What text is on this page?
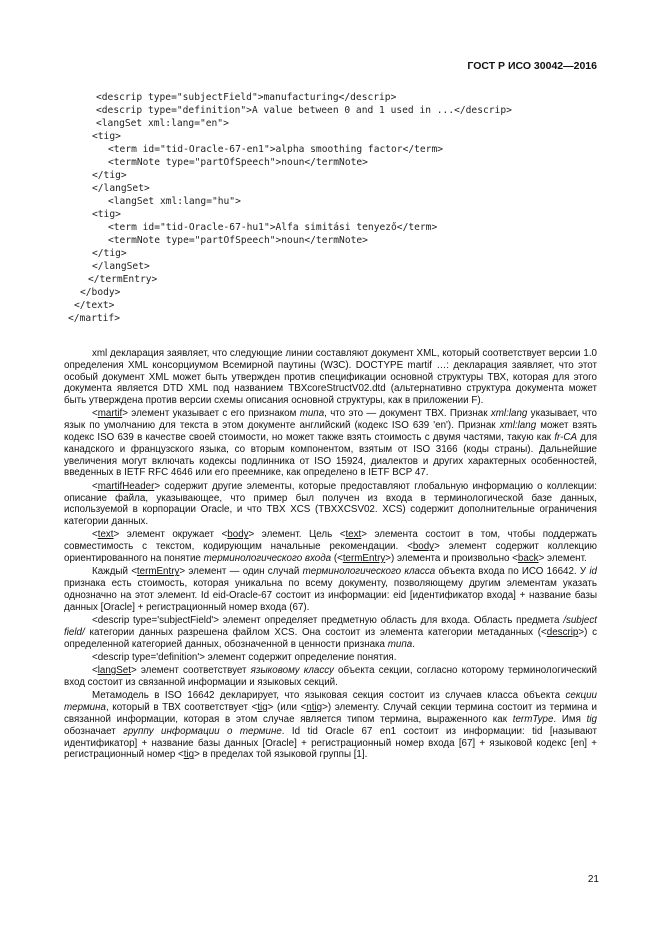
ГОСТ Р ИСО 30042—2016
<descrip type="subjectField">manufacturing</descrip>
<descrip type="definition">A value between 0 and 1 used in ...</descrip>
<langSet xml:lang="en">
<tig>
<term id="tid-Oracle-67-en1">alpha smoothing factor</term>
<termNote type="partOfSpeech">noun</termNote>
</tig>
</langSet>
<langSet xml:lang="hu">
<tig>
<term id="tid-Oracle-67-hu1">Alfa simitási tenyező</term>
<termNote type="partOfSpeech">noun</termNote>
</tig>
</langSet>
</termEntry>
</body>
</text>
</martif>

xml декларация заявляет, что следующие линии составляют документ XML, который соответствует версии 1.0 определения XML консорциумом Всемирной паутины (W3C). DOCTYPE martif …: декларация заявляет, что этот особый документ XML может быть утвержден против спецификации основной структуры ТВХ, которая для этого документа является DTD XML под названием TBXcoreStructV02.dtd (альтернативно структура документа может быть утверждена против версии схемы описания основной структуры, как в приложении F).

<martif> элемент указывает с его признаком типа, что это — документ ТВХ. Признак xml:lang указывает, что язык по умолчанию для текста в этом документе английский (кодекс ISO 639 'en'). Признак xml:lang может взять кодекс ISO 639 в качестве своей стоимости, но может также взять стоимость с двумя частями, такую как fr-CA для канадского и французского языка, со вторым компонентом, взятым от ISO 3166 (коды страны). Дальнейшие увеличения могут включать кодексы подлинника от ISO 15924, диалектов и других характерных особенностей, введенных в IETF RFC 4646 или его преемнике, как определено в IETF BCP 47.

<martifHeader> содержит другие элементы, которые предоставляют глобальную информацию о коллекции: описание файла, указывающее, что пример был получен из входа в терминологической базе данных, используемой в корпорации Oracle, и что TBX XCS (TBXXCSV02. XCS) содержит дополнительные ограничения категории данных.

<text> элемент окружает <body> элемент. Цель <text> элемента состоит в том, чтобы поддержать совместимость с текстом, кодирующим начальные рекомендации. <body> элемент содержит коллекцию ориентированного на понятие терминологического входа (<termEntry>) элемента и произвольно <back> элемент.

Каждый <termEntry> элемент — один случай терминологического класса объекта входа по ИСО 16642. У id признака есть стоимость, которая уникальна по всему документу, позволяющему другим элементам указать однозначно на этот элемент. Id eid-Oracle-67 состоит из информации: eid [идентификатор входа] + название базы данных [Oracle] + регистрационный номер входа (67).

<descrip type='subjectField'> элемент определяет предметную область для входа. Область предмета /subject field/ категории данных разрешена файлом XCS. Она состоит из элемента категории метаданных (<descrip>) с определенной категорией данных, обозначенной в ценности признака типа.

<descrip type='definition'> элемент содержит определение понятия.

<langSet> элемент соответствует языковому классу объекта секции, согласно которому терминологический вход состоит из связанной информации и языковых секций.

Метамодель в ISO 16642 декларирует, что языковая секция состоит из случаев класса объекта секции термина, который в ТВХ соответствует <tig> (или <ntig>) элементу. Случай секции термина состоит из термина и связанной информации, которая в этом случае является типом термина, выраженного как termType. Имя tig обозначает группу информации о термине. Id tid Oracle 67 en1 состоит из информации: tid [называют идентификатор] + название базы данных [Oracle] + регистрационный номер входа [67] + языковой кодекс [en] + регистрационный номер <tig> в пределах той языковой группы [1].

21
